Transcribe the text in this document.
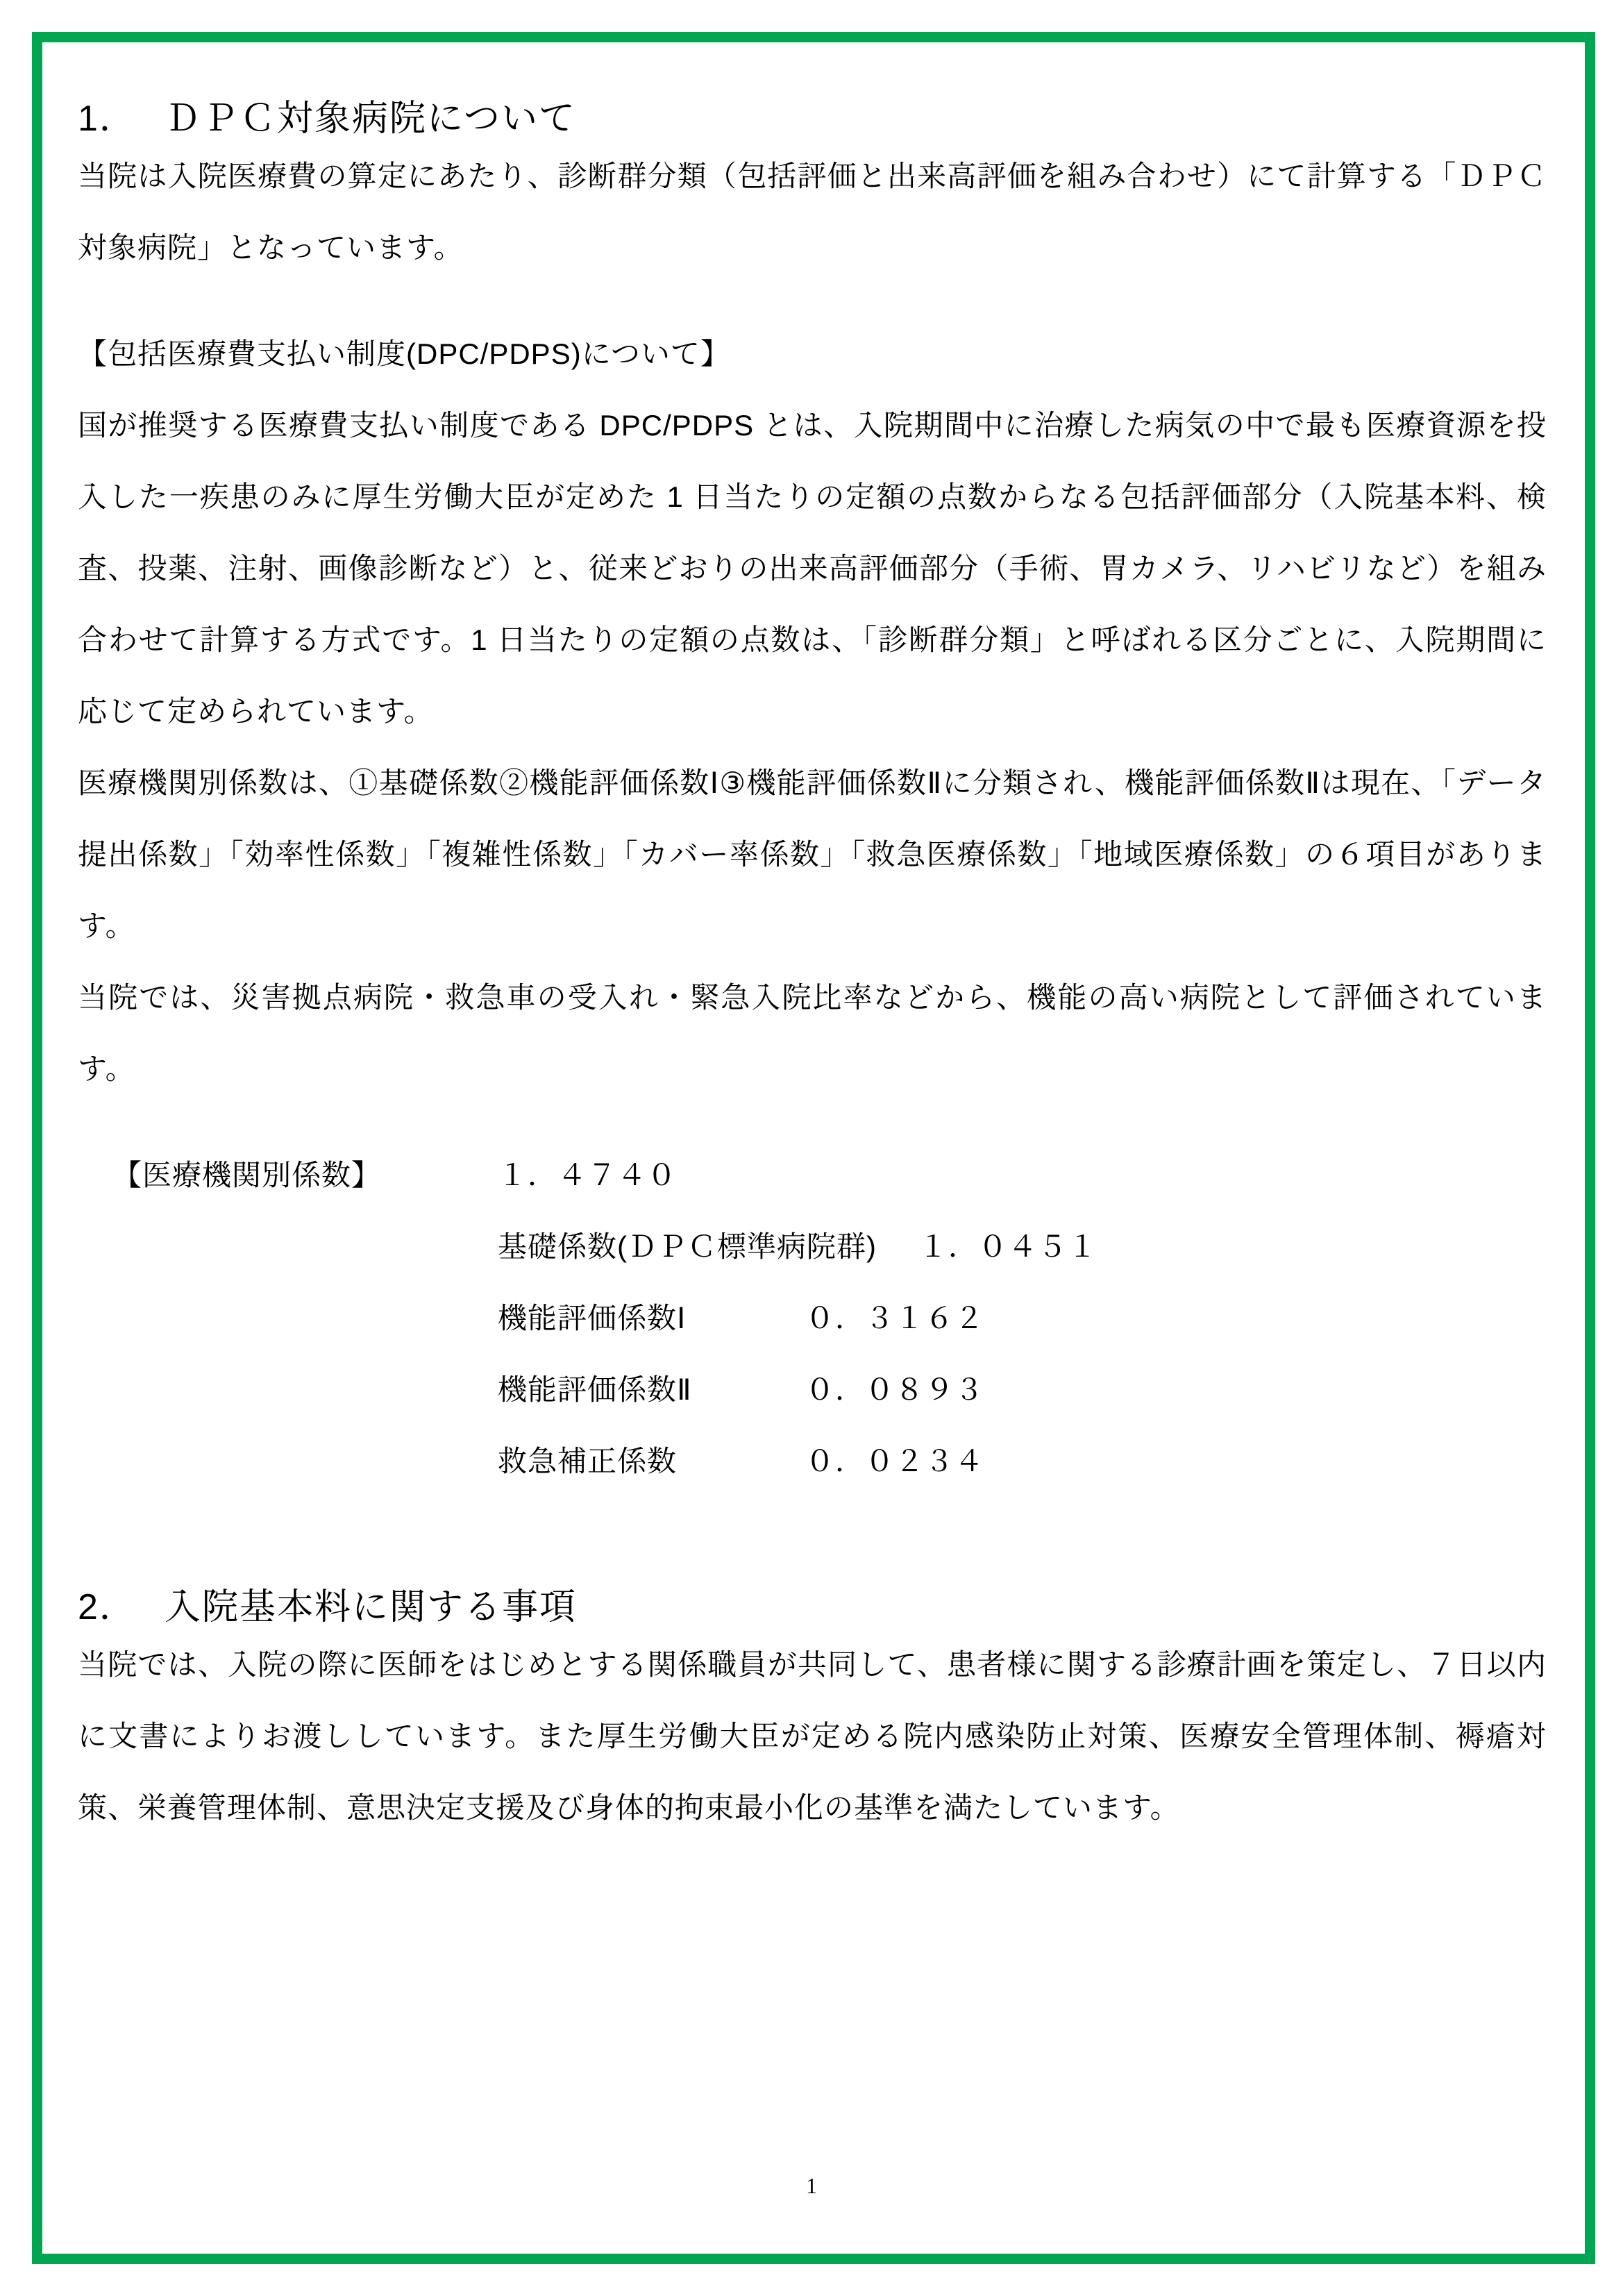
1． ＤＰＣ対象病院について

当院は入院医療費の算定にあたり、診断群分類（包括評価と出来高評価を組み合わせ）にて計算する「ＤＰＣ対象病院」となっています。

【包括医療費支払い制度(DPC/PDPS)について】

国が推奨する医療費支払い制度である DPC/PDPS とは、入院期間中に治療した病気の中で最も医療資源を投入した一疾患のみに厚生労働大臣が定めた 1 日当たりの定額の点数からなる包括評価部分（入院基本料、検査、投薬、注射、画像診断など）と、従来どおりの出来高評価部分（手術、胃カメラ、リハビリなど）を組み合わせて計算する方式です。1 日当たりの定額の点数は、「診断群分類」と呼ばれる区分ごとに、入院期間に応じて定められています。

医療機関別係数は、①基礎係数②機能評価係数Ⅰ③機能評価係数Ⅱに分類され、機能評価係数Ⅱは現在、「データ提出係数」「効率性係数」「複雑性係数」「カバー率係数」「救急医療係数」「地域医療係数」の６項目があります。

当院では、災害拠点病院・救急車の受入れ・緊急入院比率などから、機能の高い病院として評価されています。

【医療機関別係数】	１．４７４０
基礎係数(ＤＰＣ標準病院群)	１．０４５１
機能評価係数Ⅰ	０．３１６２
機能評価係数Ⅱ	０．０８９３
救急補正係数	０．０２３４
2． 入院基本料に関する事項

当院では、入院の際に医師をはじめとする関係職員が共同して、患者様に関する診療計画を策定し、７日以内に文書によりお渡ししています。また厚生労働大臣が定める院内感染防止対策、医療安全管理体制、褥瘡対策、栄養管理体制、意思決定支援及び身体的拘束最小化の基準を満たしています。

1
